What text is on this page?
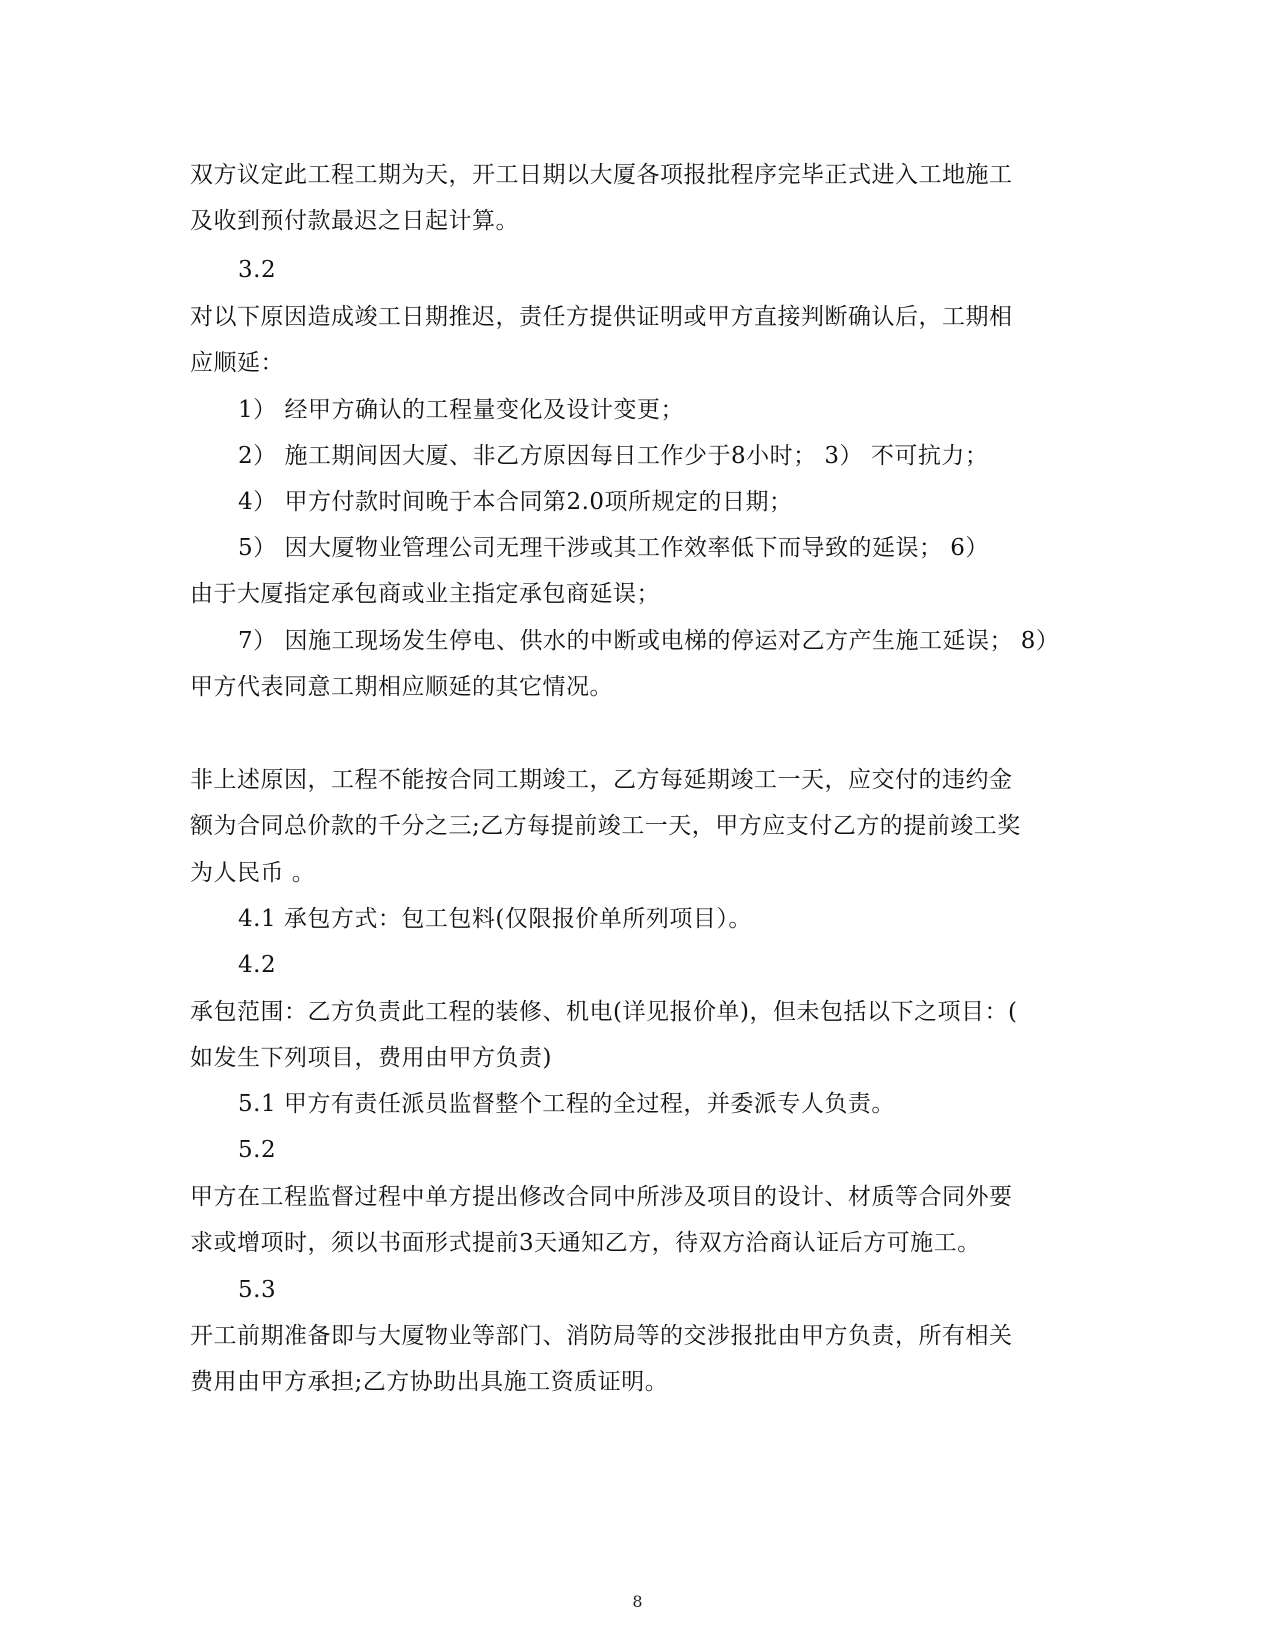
双方议定此工程工期为天，开工日期以大厦各项报批程序完毕正式进入工地施工
及收到预付款最迟之日起计算。
3.2
对以下原因造成竣工日期推迟，责任方提供证明或甲方直接判断确认后，工期相
应顺延：
1） 经甲方确认的工程量变化及设计变更；
2） 施工期间因大厦、非乙方原因每日工作少于8小时； 3） 不可抗力；
4） 甲方付款时间晚于本合同第2.0项所规定的日期；
5） 因大厦物业管理公司无理干涉或其工作效率低下而导致的延误； 6）
由于大厦指定承包商或业主指定承包商延误；
7） 因施工现场发生停电、供水的中断或电梯的停运对乙方产生施工延误； 8）
甲方代表同意工期相应顺延的其它情况。
非上述原因，工程不能按合同工期竣工，乙方每延期竣工一天，应交付的违约金
额为合同总价款的千分之三;乙方每提前竣工一天，甲方应支付乙方的提前竣工奖
为人民币 。
4.1 承包方式：包工包料(仅限报价单所列项目）。
4.2
承包范围：乙方负责此工程的装修、机电(详见报价单)，但未包括以下之项目：(
如发生下列项目，费用由甲方负责)
5.1 甲方有责任派员监督整个工程的全过程，并委派专人负责。
5.2
甲方在工程监督过程中单方提出修改合同中所涉及项目的设计、材质等合同外要
求或增项时，须以书面形式提前3天通知乙方，待双方洽商认证后方可施工。
5.3
开工前期准备即与大厦物业等部门、消防局等的交涉报批由甲方负责，所有相关
费用由甲方承担;乙方协助出具施工资质证明。
8
